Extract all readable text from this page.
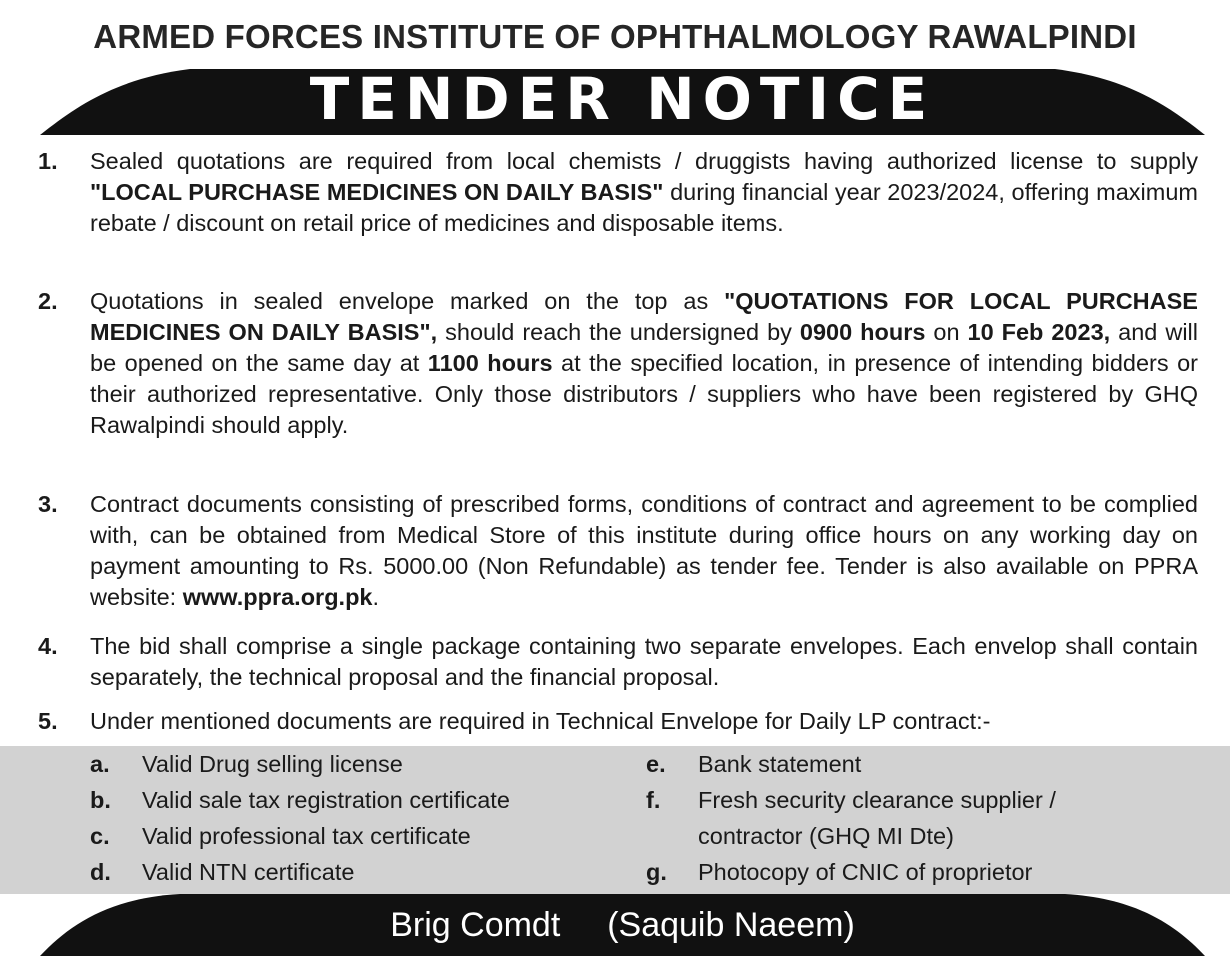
ARMED FORCES INSTITUTE OF OPHTHALMOLOGY RAWALPINDI
TENDER NOTICE
1. Sealed quotations are required from local chemists / druggists having authorized license to supply "LOCAL PURCHASE MEDICINES ON DAILY BASIS" during financial year 2023/2024, offering maximum rebate / discount on retail price of medicines and disposable items.
2. Quotations in sealed envelope marked on the top as "QUOTATIONS FOR LOCAL PURCHASE MEDICINES ON DAILY BASIS", should reach the undersigned by 0900 hours on 10 Feb 2023, and will be opened on the same day at 1100 hours at the specified location, in presence of intending bidders or their authorized representative. Only those distributors / suppliers who have been registered by GHQ Rawalpindi should apply.
3. Contract documents consisting of prescribed forms, conditions of contract and agreement to be complied with, can be obtained from Medical Store of this institute during office hours on any working day on payment amounting to Rs. 5000.00 (Non Refundable) as tender fee. Tender is also available on PPRA website: www.ppra.org.pk.
4. The bid shall comprise a single package containing two separate envelopes. Each envelop shall contain separately, the technical proposal and the financial proposal.
5. Under mentioned documents are required in Technical Envelope for Daily LP contract:-
a. Valid Drug selling license
b. Valid sale tax registration certificate
c. Valid professional tax certificate
d. Valid NTN certificate
e. Bank statement
f. Fresh security clearance supplier / contractor (GHQ MI Dte)
g. Photocopy of CNIC of proprietor
Brig Comdt (Saquib Naeem)
